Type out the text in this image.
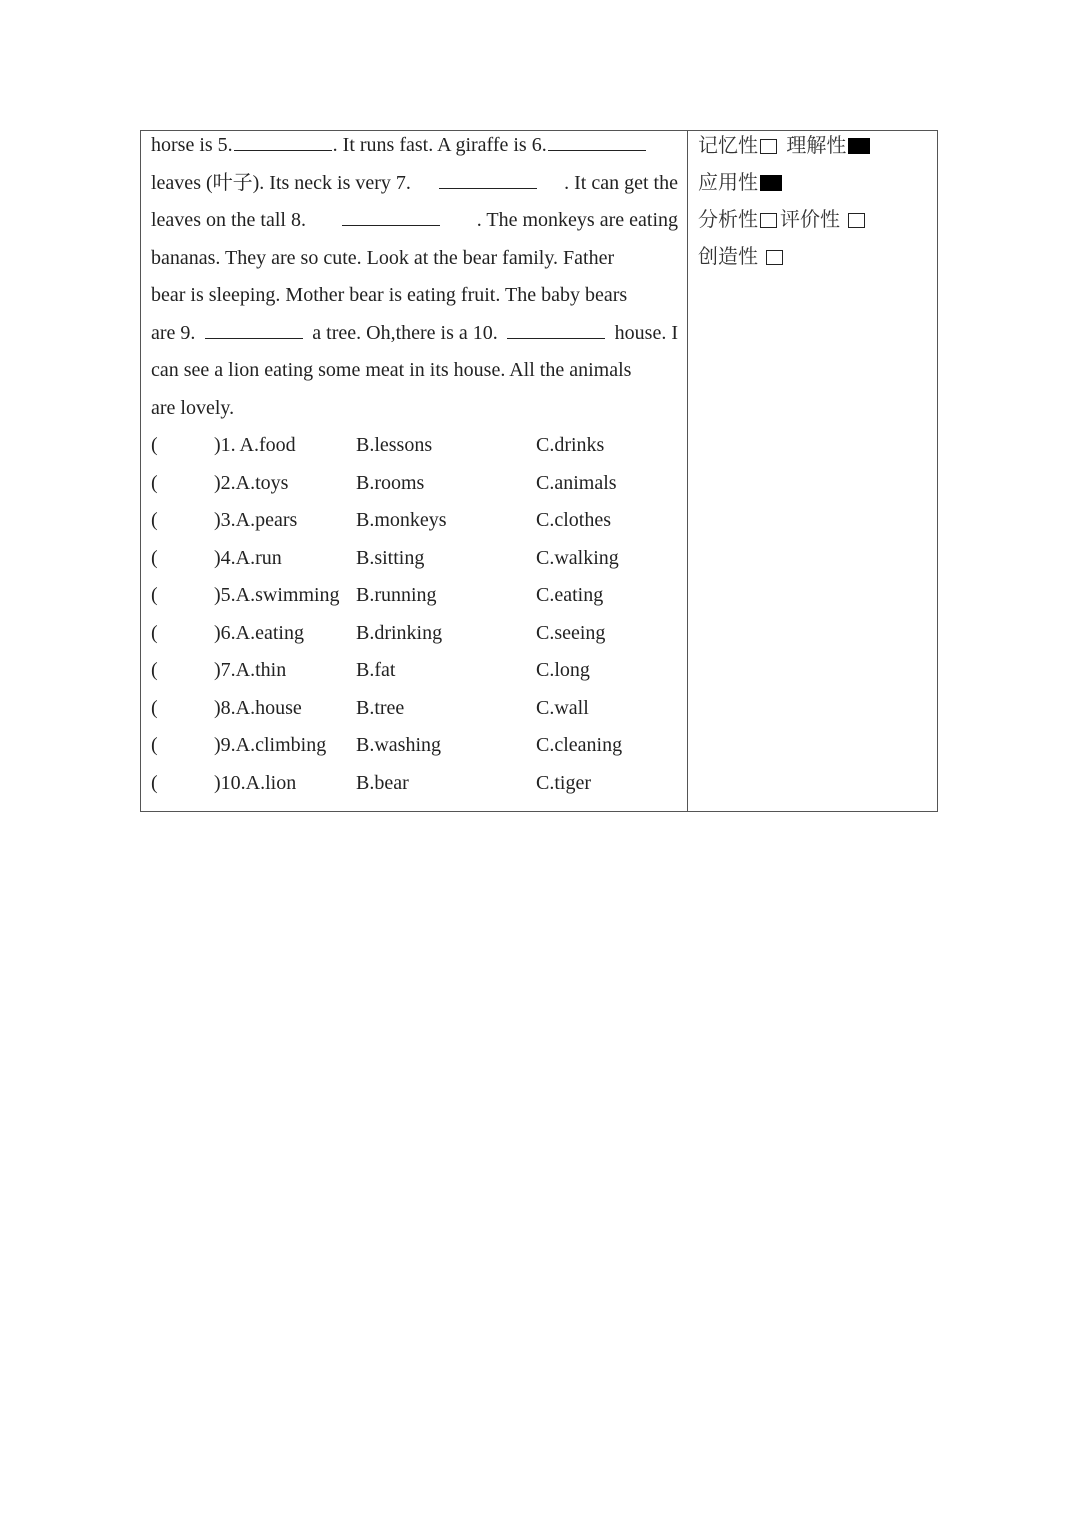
horse is 5.	. It runs fast. A giraffe is 6.
leaves (叶子). Its neck is very 7.	. It can get the
leaves on the tall 8.	. The monkeys are eating
bananas. They are so cute. Look at the bear family. Father
bear is sleeping. Mother bear is eating fruit. The baby bears
are 9.	a tree. Oh,there is a 10.	house. I
can see a lion eating some meat in its house. All the animals
are lovely.
(	)1. A.food	B.lessons	C.drinks
(	)2.A.toys	B.rooms	C.animals
(	)3.A.pears	B.monkeys	C.clothes
(	)4.A.run	B.sitting	C.walking
(	)5.A.swimming B.running	C.eating
(	)6.A.eating	B.drinking	C.seeing
(	)7.A.thin	B.fat	C.long
(	)8.A.house	B.tree	C.wall
(	)9.A.climbing B.washing	C.cleaning
(	)10.A.lion	B.bear	C.tiger
记忆性 理解性
应用性
分析性 评价性
创造性
